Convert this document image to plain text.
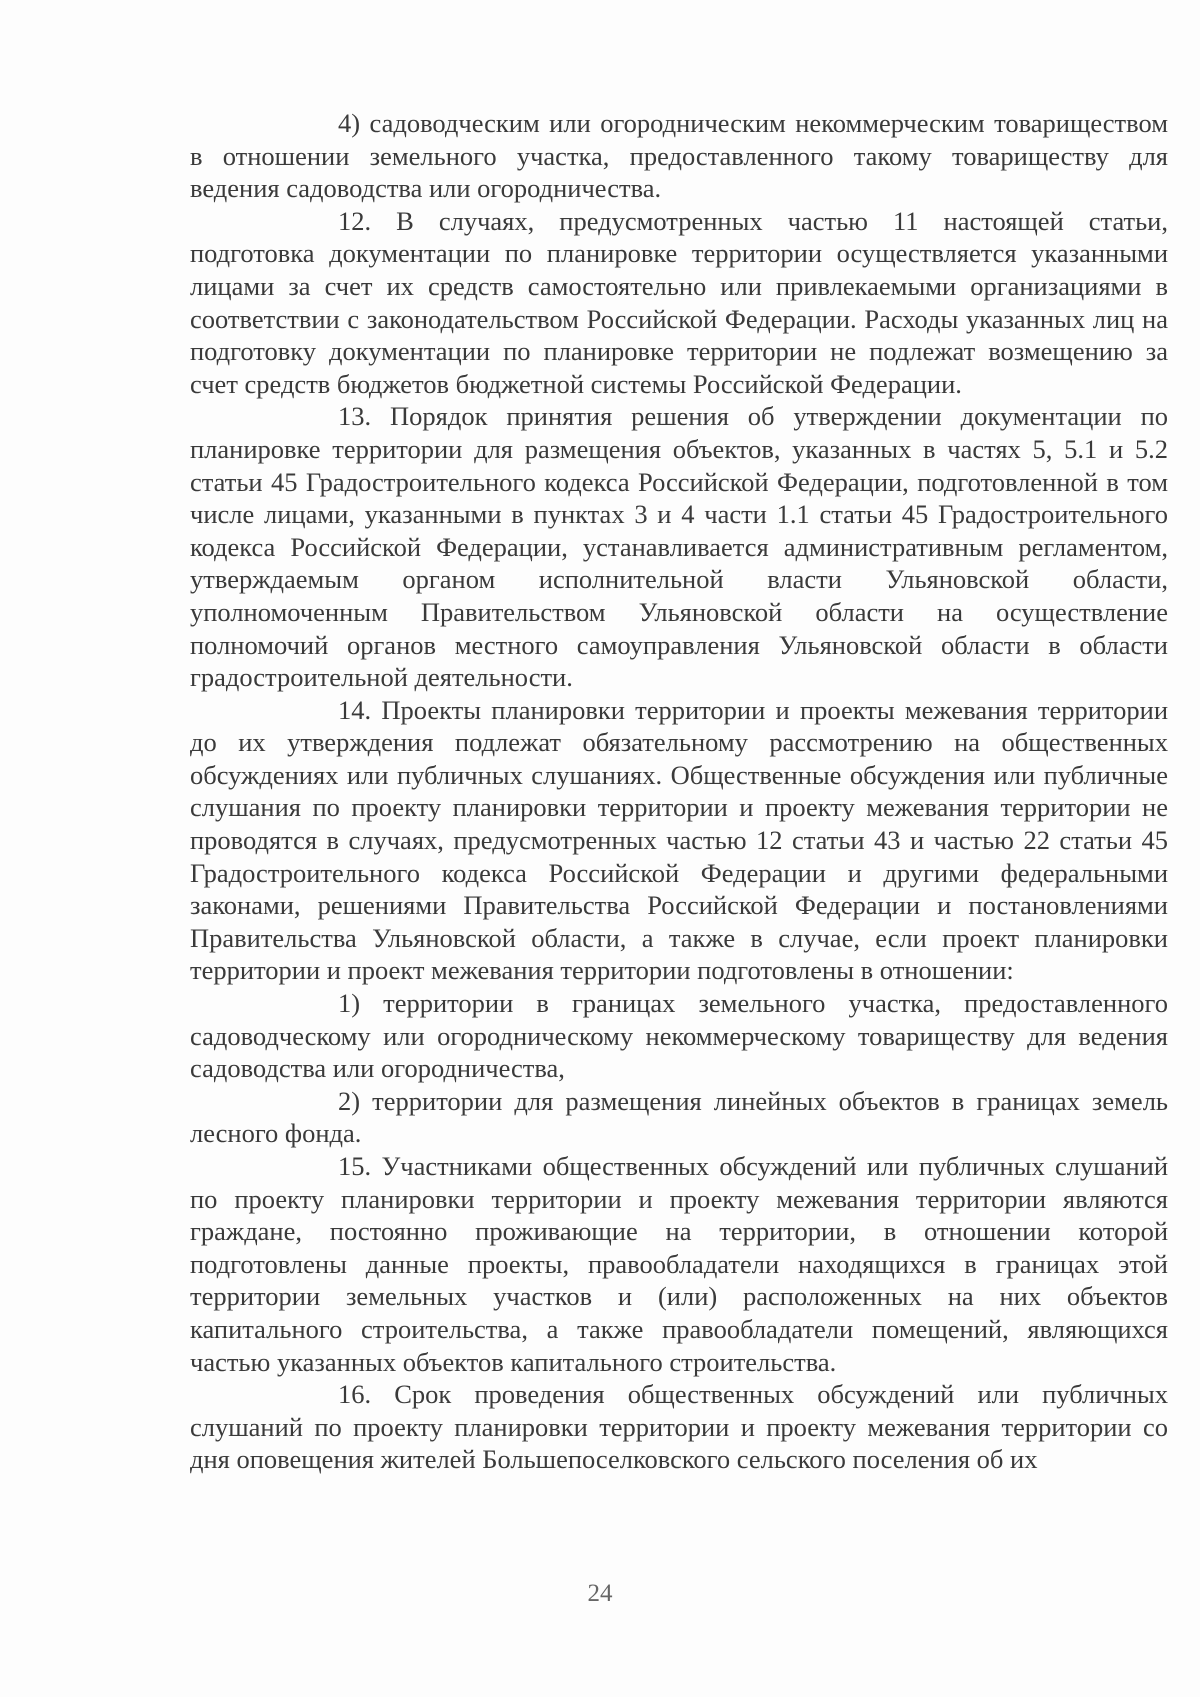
4) садоводческим или огородническим некоммерческим товариществом в отношении земельного участка, предоставленного такому товариществу для ведения садоводства или огородничества.

12. В случаях, предусмотренных частью 11 настоящей статьи, подготовка документации по планировке территории осуществляется указанными лицами за счет их средств самостоятельно или привлекаемыми организациями в соответствии с законодательством Российской Федерации. Расходы указанных лиц на подготовку документации по планировке территории не подлежат возмещению за счет средств бюджетов бюджетной системы Российской Федерации.

13. Порядок принятия решения об утверждении документации по планировке территории для размещения объектов, указанных в частях 5, 5.1 и 5.2 статьи 45 Градостроительного кодекса Российской Федерации, подготовленной в том числе лицами, указанными в пунктах 3 и 4 части 1.1 статьи 45 Градостроительного кодекса Российской Федерации, устанавливается административным регламентом, утверждаемым органом исполнительной власти Ульяновской области, уполномоченным Правительством Ульяновской области на осуществление полномочий органов местного самоуправления Ульяновской области в области градостроительной деятельности.

14. Проекты планировки территории и проекты межевания территории до их утверждения подлежат обязательному рассмотрению на общественных обсуждениях или публичных слушаниях. Общественные обсуждения или публичные слушания по проекту планировки территории и проекту межевания территории не проводятся в случаях, предусмотренных частью 12 статьи 43 и частью 22 статьи 45 Градостроительного кодекса Российской Федерации и другими федеральными законами, решениями Правительства Российской Федерации и постановлениями Правительства Ульяновской области, а также в случае, если проект планировки территории и проект межевания территории подготовлены в отношении:

1) территории в границах земельного участка, предоставленного садоводческому или огородническому некоммерческому товариществу для ведения садоводства или огородничества,

2) территории для размещения линейных объектов в границах земель лесного фонда.

15. Участниками общественных обсуждений или публичных слушаний по проекту планировки территории и проекту межевания территории являются граждане, постоянно проживающие на территории, в отношении которой подготовлены данные проекты, правообладатели находящихся в границах этой территории земельных участков и (или) расположенных на них объектов капитального строительства, а также правообладатели помещений, являющихся частью указанных объектов капитального строительства.

16. Срок проведения общественных обсуждений или публичных слушаний по проекту планировки территории и проекту межевания территории со дня оповещения жителей Большепоселковского сельского поселения об их

24
